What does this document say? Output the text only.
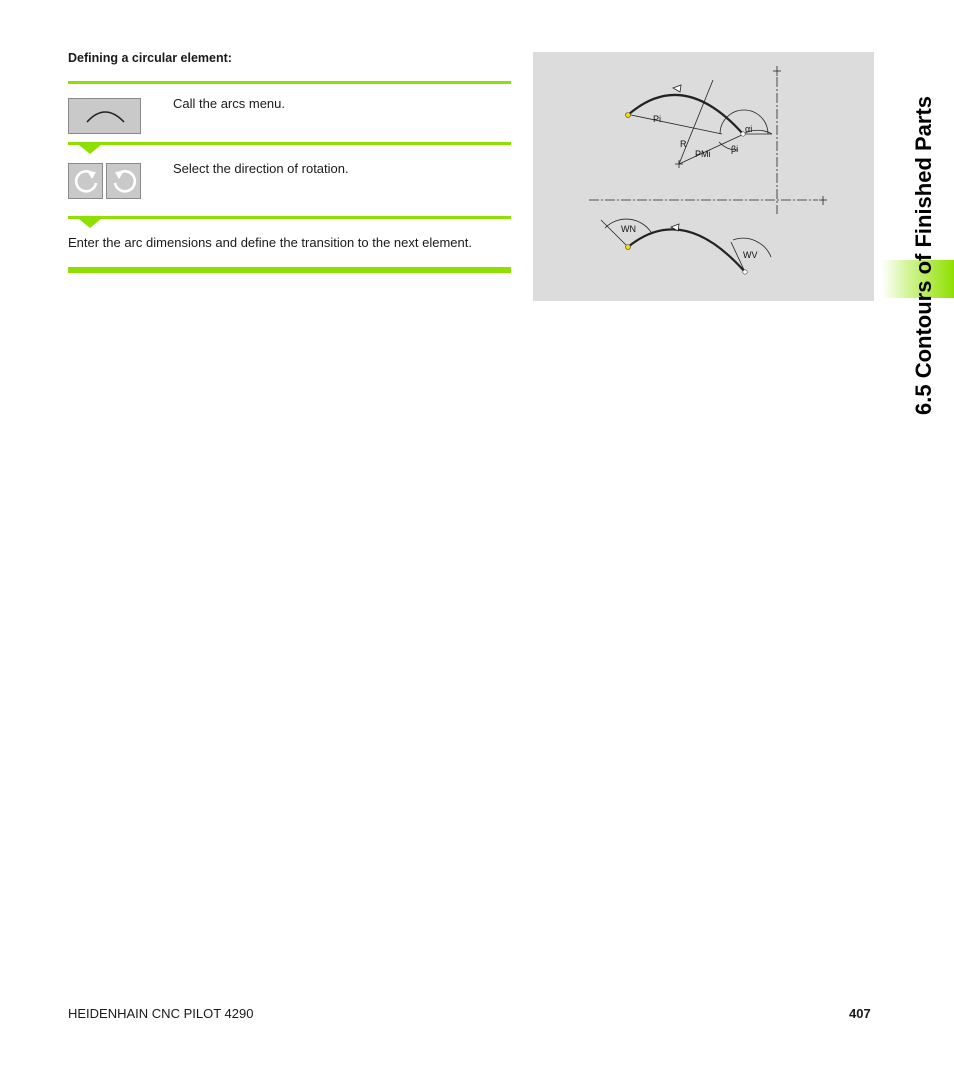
Defining a circular element:
Call the arcs menu.
Select the direction of rotation.
Enter the arc dimensions and define the transition to the next element.
Pi
αi
R
PMi βi
WN
WV	6.5 Contours of Finished Parts
HEIDENHAIN CNC PILOT 4290	407
